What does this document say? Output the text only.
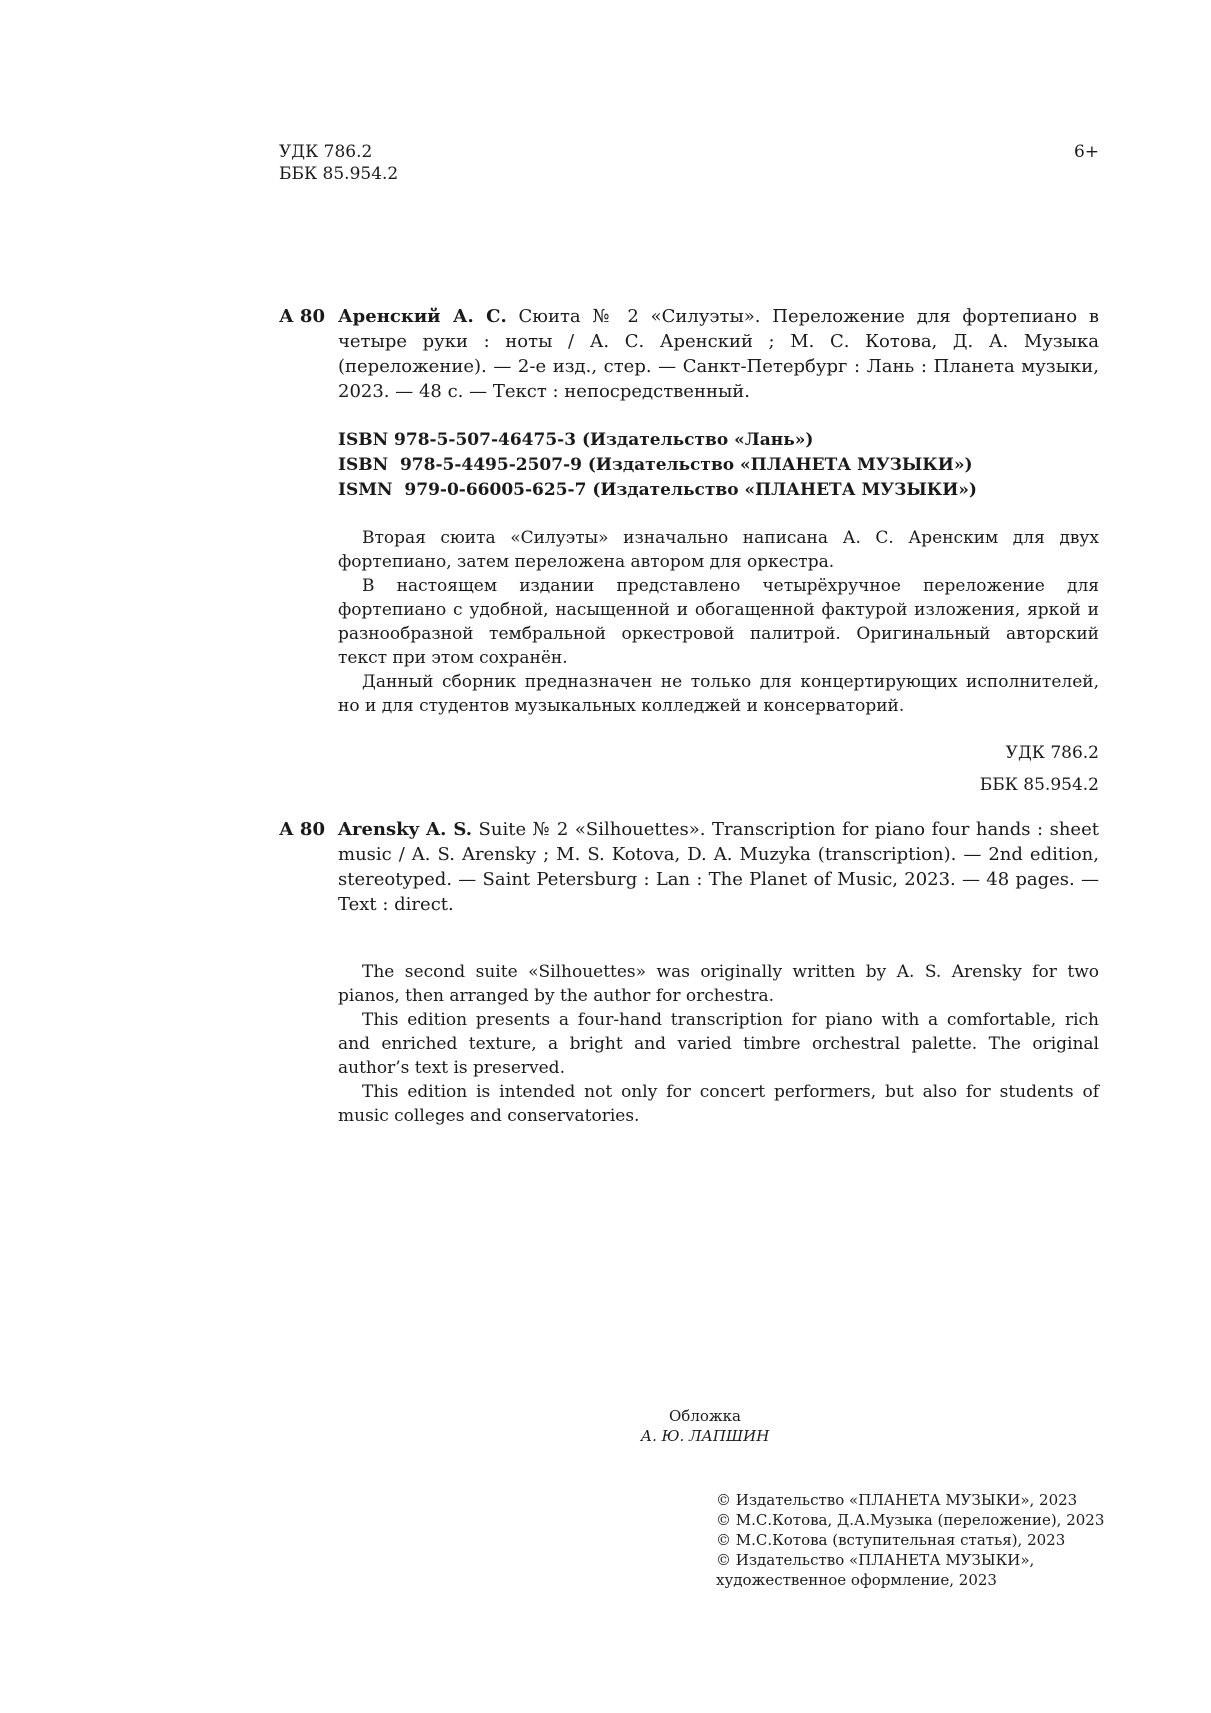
УДК 786.2
ББК 85.954.2
6+
А 80 Аренский А. С. Сюита № 2 «Силуэты». Переложение для фортепиано в четыре руки : ноты / А. С. Аренский ; М. С. Котова, Д. А. Музыка (переложение). — 2-е изд., стер. — Санкт-Петербург : Лань : Планета музыки, 2023. — 48 с. — Текст : непосредственный.
ISBN 978-5-507-46475-3 (Издательство «Лань»)
ISBN  978-5-4495-2507-9 (Издательство «ПЛАНЕТА МУЗЫКИ»)
ISMN  979-0-66005-625-7 (Издательство «ПЛАНЕТА МУЗЫКИ»)

Вторая сюита «Силуэты» изначально написана А. С. Аренским для двух фортепиано, затем переложена автором для оркестра.

В настоящем издании представлено четырёхручное переложение для фортепиано с удобной, насыщенной и обогащенной фактурой изложения, яркой и разнообразной тембральной оркестровой палитрой. Оригинальный авторский текст при этом сохранён.

Данный сборник предназначен не только для концертирующих исполнителей, но и для студентов музыкальных колледжей и консерваторий.

УДК 786.2
ББК 85.954.2
А 80 Arensky A. S. Suite № 2 «Silhouettes». Transcription for piano four hands : sheet music / A. S. Arensky ; M. S. Kotova, D. A. Muzyka (transcription). — 2nd edition, stereotyped. — Saint Petersburg : Lan : The Planet of Music, 2023. — 48 pages. — Text : direct.

The second suite «Silhouettes» was originally written by A. S. Arensky for two pianos, then arranged by the author for orchestra.

This edition presents a four-hand transcription for piano with a comfortable, rich and enriched texture, a bright and varied timbre orchestral palette. The original author’s text is preserved.

This edition is intended not only for concert performers, but also for students of music colleges and conservatories.

Обложка
А. Ю. ЛАПШИН
© Издательство «ПЛАНЕТА МУЗЫКИ», 2023
© М.С.Котова, Д.А.Музыка (переложение), 2023
© М.С.Котова (вступительная статья), 2023
© Издательство «ПЛАНЕТА МУЗЫКИ»,
художественное оформление, 2023
